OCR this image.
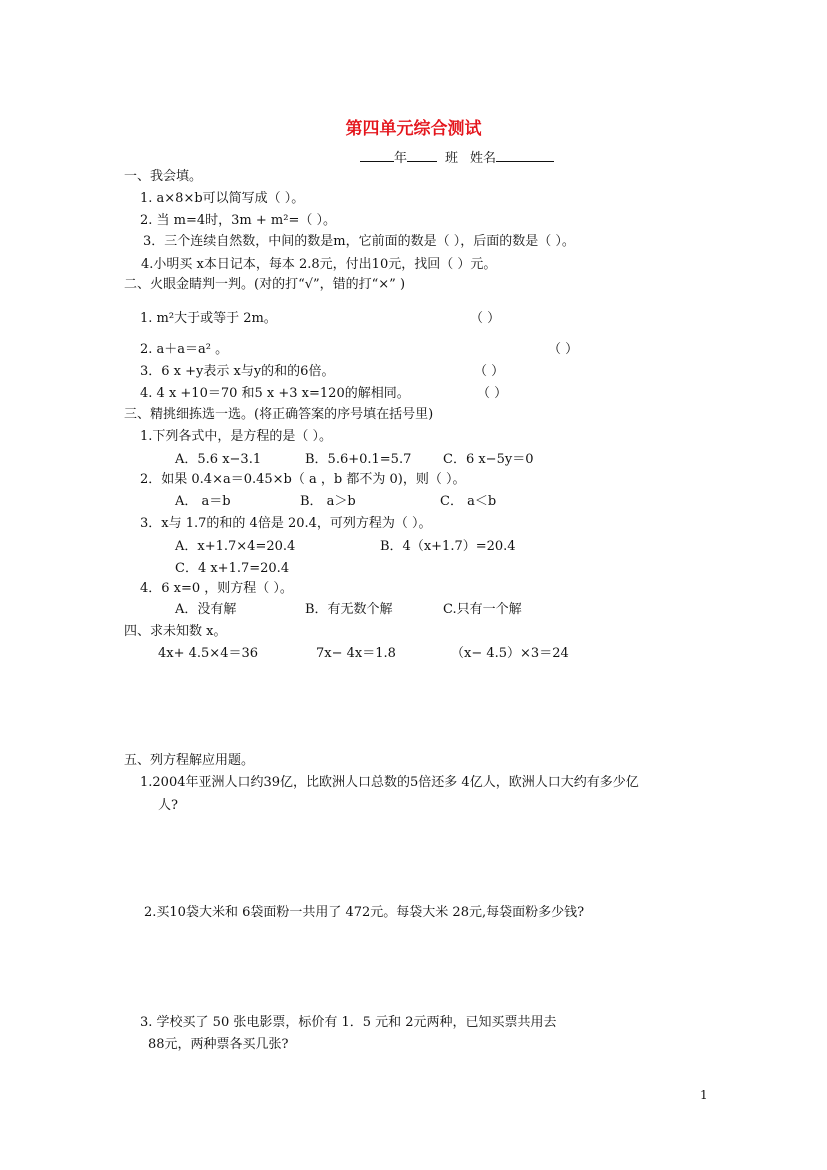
第四单元综合测试
年	班 姓名
一、我会填。
1. a×8×b可以简写成（ ）。
2. 当 m=4时，3m + m²=（ ）。
3．三个连续自然数，中间的数是m，它前面的数是（ ），后面的数是（ ）。
4.小明买 x本日记本，每本 2.8元，付出10元，找回（ ）元。
二、火眼金睛判一判。(对的打“√”，错的打“×” )
1. m²大于或等于 2m。	（ ）
2. a＋a＝a² 。	（ ）
3．6 x +y表示 x与y的和的6倍。	（ ）
4. 4 x +10＝70 和5 x +3 x=120的解相同。	（ ）
三、精挑细拣选一选。(将正确答案的序号填在括号里)
1.下列各式中，是方程的是（ ）。
A．5.6 x−3.1	B．5.6+0.1=5.7 C．6 x−5y＝0
2．如果 0.4×a＝0.45×b（ a ，b 都不为 0)，则（ ）。
A． a＝b	B． a＞b	C． a＜b
3．x与 1.7的和的 4倍是 20.4，可列方程为（ ）。
A．x+1.7×4=20.4	B．4（x+1.7）=20.4
C．4 x+1.7=20.4
4．6 x=0 ，则方程（ ）。
A．没有解	B．有无数个解	C.只有一个解
四、求未知数 x。
4x+ 4.5×4＝36	7x− 4x＝1.8	（x− 4.5）×3＝24
五、列方程解应用题。
1.2004年亚洲人口约39亿，比欧洲人口总数的5倍还多 4亿人，欧洲人口大约有多少亿
人?
2.买10袋大米和 6袋面粉一共用了 472元。每袋大米 28元,每袋面粉多少钱?
3. 学校买了 50 张电影票，标价有 1．5 元和 2元两种，已知买票共用去
88元，两种票各买几张?
1
